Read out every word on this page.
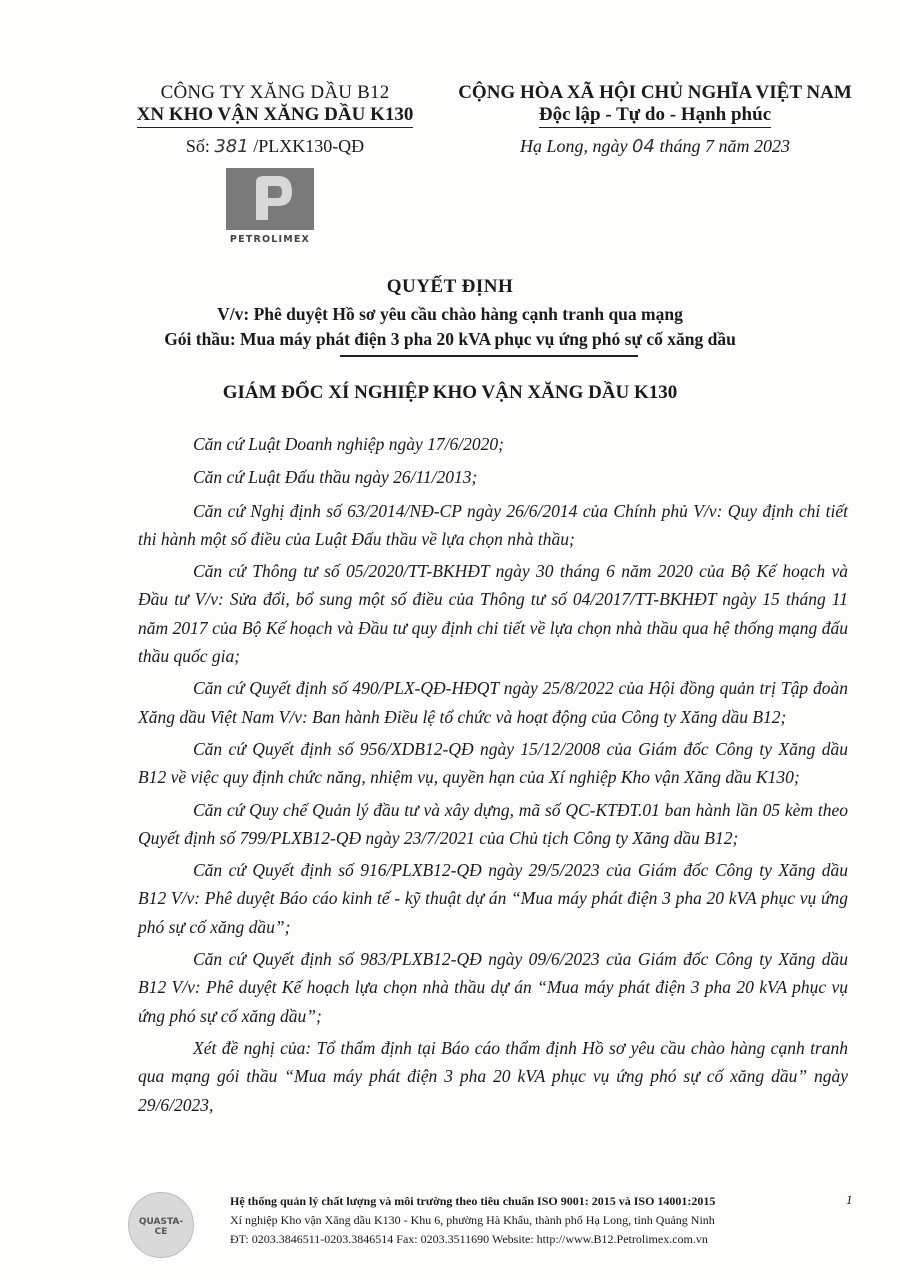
CÔNG TY XĂNG DẦU B12
XN KHO VẬN XĂNG DẦU K130
Số: 381 /PLXK130-QĐ
CỘNG HÒA XÃ HỘI CHỦ NGHĨA VIỆT NAM
Độc lập - Tự do - Hạnh phúc
Hạ Long, ngày 04 tháng 7 năm 2023
PETROLIMEX
QUYẾT ĐỊNH
V/v: Phê duyệt Hồ sơ yêu cầu chào hàng cạnh tranh qua mạng
Gói thầu: Mua máy phát điện 3 pha 20 kVA phục vụ ứng phó sự cố xăng dầu
GIÁM ĐỐC XÍ NGHIỆP KHO VẬN XĂNG DẦU K130

Căn cứ Luật Doanh nghiệp ngày 17/6/2020;

Căn cứ Luật Đấu thầu ngày 26/11/2013;

Căn cứ Nghị định số 63/2014/NĐ-CP ngày 26/6/2014 của Chính phủ V/v: Quy định chi tiết thi hành một số điều của Luật Đấu thầu về lựa chọn nhà thầu;

Căn cứ Thông tư số 05/2020/TT-BKHĐT ngày 30 tháng 6 năm 2020 của Bộ Kế hoạch và Đầu tư V/v: Sửa đổi, bổ sung một số điều của Thông tư số 04/2017/TT-BKHĐT ngày 15 tháng 11 năm 2017 của Bộ Kế hoạch và Đầu tư quy định chi tiết về lựa chọn nhà thầu qua hệ thống mạng đấu thầu quốc gia;

Căn cứ Quyết định số 490/PLX-QĐ-HĐQT ngày 25/8/2022 của Hội đồng quản trị Tập đoàn Xăng dầu Việt Nam V/v: Ban hành Điều lệ tổ chức và hoạt động của Công ty Xăng dầu B12;

Căn cứ Quyết định số 956/XDB12-QĐ ngày 15/12/2008 của Giám đốc Công ty Xăng dầu B12 về việc quy định chức năng, nhiệm vụ, quyền hạn của Xí nghiệp Kho vận Xăng dầu K130;

Căn cứ Quy chế Quản lý đầu tư và xây dựng, mã số QC-KTĐT.01 ban hành lần 05 kèm theo Quyết định số 799/PLXB12-QĐ ngày 23/7/2021 của Chủ tịch Công ty Xăng dầu B12;

Căn cứ Quyết định số 916/PLXB12-QĐ ngày 29/5/2023 của Giám đốc Công ty Xăng dầu B12 V/v: Phê duyệt Báo cáo kinh tế - kỹ thuật dự án “Mua máy phát điện 3 pha 20 kVA phục vụ ứng phó sự cố xăng dầu”;

Căn cứ Quyết định số 983/PLXB12-QĐ ngày 09/6/2023 của Giám đốc Công ty Xăng dầu B12 V/v: Phê duyệt Kế hoạch lựa chọn nhà thầu dự án “Mua máy phát điện 3 pha 20 kVA phục vụ ứng phó sự cố xăng dầu”;

Xét đề nghị của: Tổ thẩm định tại Báo cáo thẩm định Hồ sơ yêu cầu chào hàng cạnh tranh qua mạng gói thầu “Mua máy phát điện 3 pha 20 kVA phục vụ ứng phó sự cố xăng dầu” ngày 29/6/2023,

QUASTA-CE
Hệ thống quản lý chất lượng và môi trường theo tiêu chuẩn ISO 9001: 2015 và ISO 14001:2015
Xí nghiệp Kho vận Xăng dầu K130 - Khu 6, phường Hà Khẩu, thành phố Hạ Long, tỉnh Quảng Ninh
ĐT: 0203.3846511-0203.3846514 Fax: 0203.3511690 Website: http://www.B12.Petrolimex.com.vn
1
